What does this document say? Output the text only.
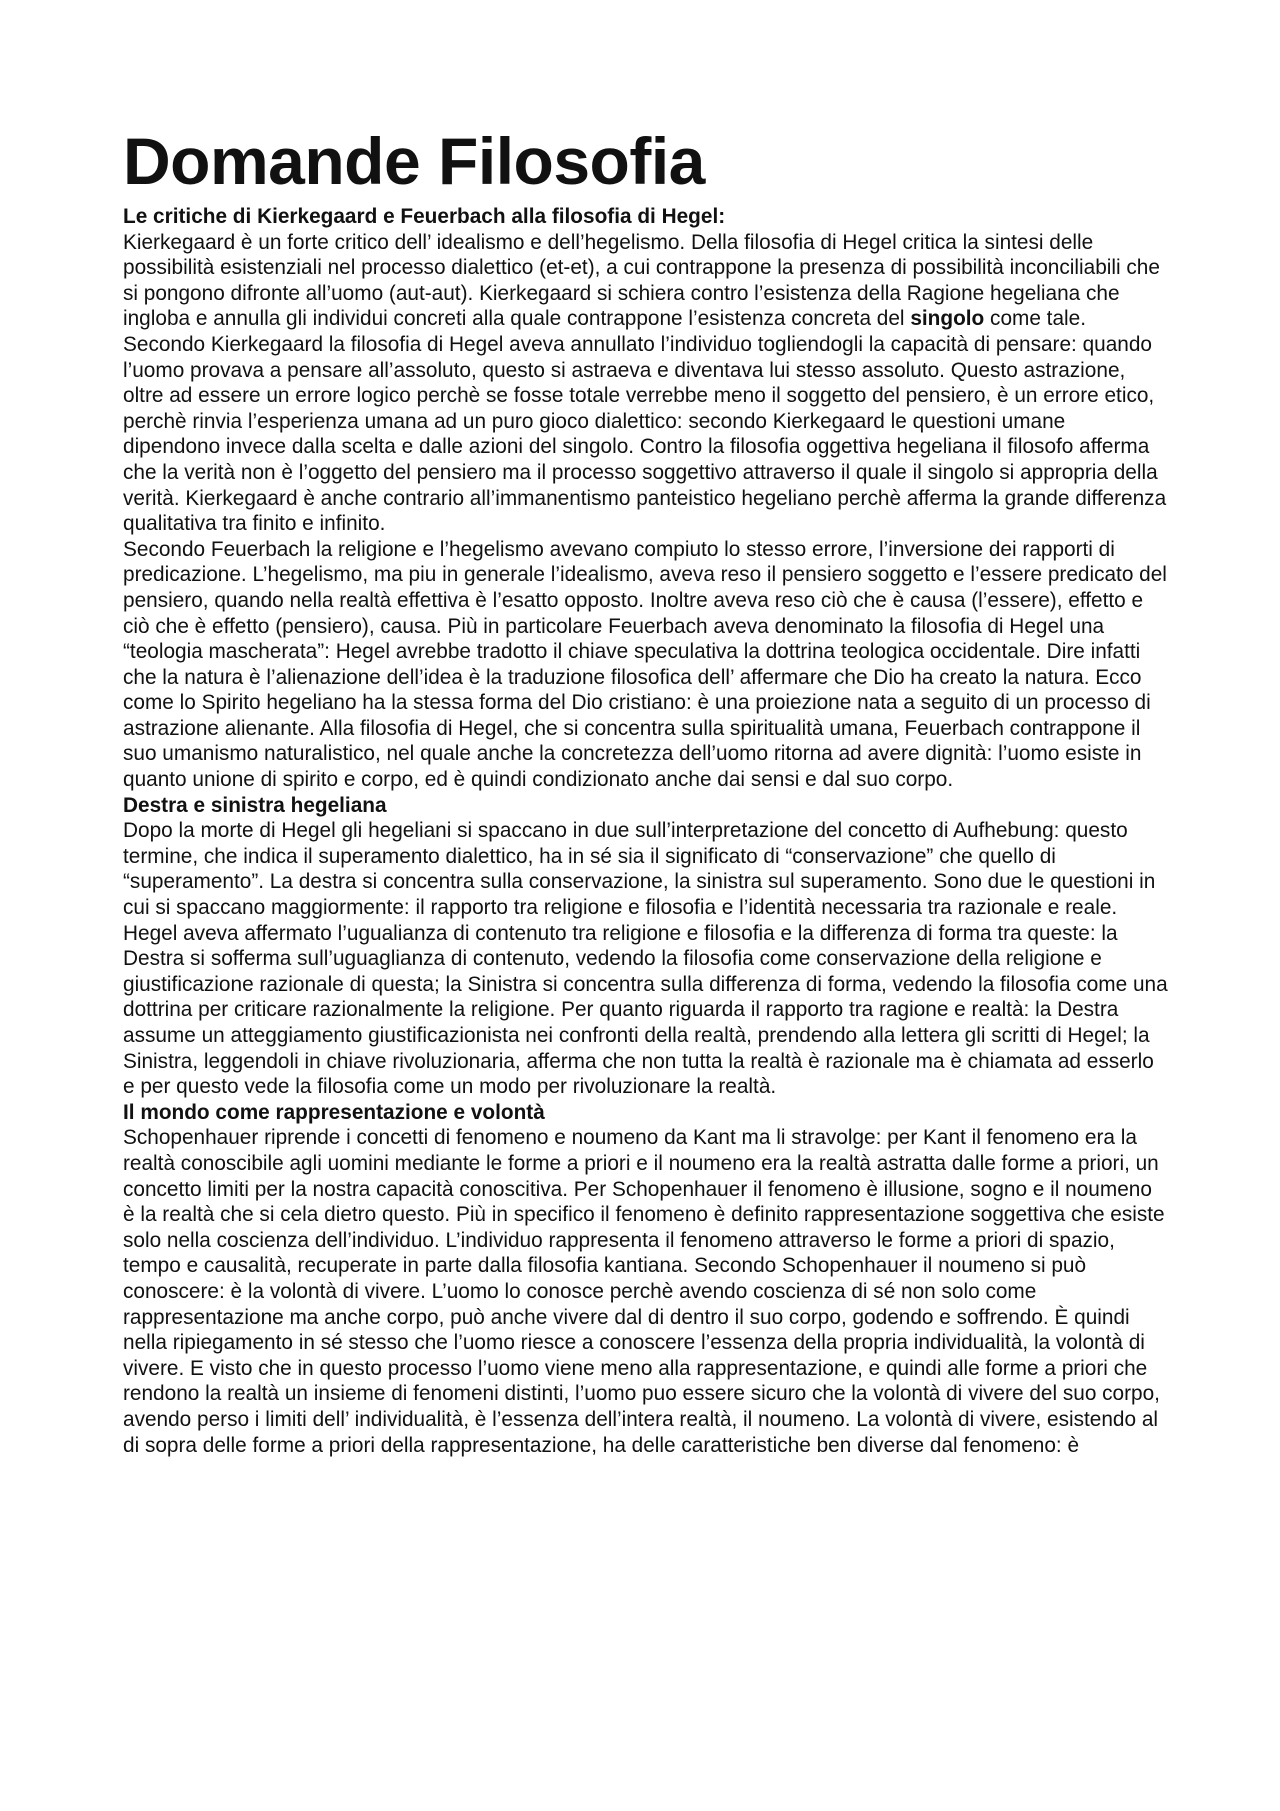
Domande Filosofia
Le critiche di Kierkegaard e Feuerbach alla filosofia di Hegel:

Kierkegaard è un forte critico dell’ idealismo e dell’hegelismo. Della filosofia di Hegel critica la sintesi delle possibilità esistenziali nel processo dialettico (et-et), a cui contrappone la presenza di possibilità inconciliabili che si pongono difronte all’uomo (aut-aut). Kierkegaard si schiera contro l’esistenza della Ragione hegeliana che ingloba e annulla gli individui concreti alla quale contrappone l’esistenza concreta del singolo come tale. Secondo Kierkegaard la filosofia di Hegel aveva annullato l’individuo togliendogli la capacità di pensare: quando l’uomo provava a pensare all’assoluto, questo si astraeva e diventava lui stesso assoluto. Questo astrazione, oltre ad essere un errore logico perchè se fosse totale verrebbe meno il soggetto del pensiero, è un errore etico, perchè rinvia l’esperienza umana ad un puro gioco dialettico: secondo Kierkegaard le questioni umane dipendono invece dalla scelta e dalle azioni del singolo. Contro la filosofia oggettiva hegeliana il filosofo afferma che la verità non è l’oggetto del pensiero ma il processo soggettivo attraverso il quale il singolo si appropria della verità. Kierkegaard è anche contrario all’immanentismo panteistico hegeliano perchè afferma la grande differenza qualitativa tra finito e infinito.

Secondo Feuerbach la religione e l’hegelismo avevano compiuto lo stesso errore, l’inversione dei rapporti di predicazione. L’hegelismo, ma piu in generale l’idealismo, aveva reso il pensiero soggetto e l’essere predicato del pensiero, quando nella realtà effettiva è l’esatto opposto. Inoltre aveva reso ciò che è causa (l’essere), effetto e ciò che è effetto (pensiero), causa. Più in particolare Feuerbach aveva denominato la filosofia di Hegel una “teologia mascherata”: Hegel avrebbe tradotto il chiave speculativa la dottrina teologica occidentale. Dire infatti che la natura è l’alienazione dell’idea è la traduzione filosofica dell’ affermare che Dio ha creato la natura. Ecco come lo Spirito hegeliano ha la stessa forma del Dio cristiano: è una proiezione nata a seguito di un processo di astrazione alienante. Alla filosofia di Hegel, che si concentra sulla spiritualità umana, Feuerbach contrappone il suo umanismo naturalistico, nel quale anche la concretezza dell’uomo ritorna ad avere dignità: l’uomo esiste in quanto unione di spirito e corpo, ed è quindi condizionato anche dai sensi e dal suo corpo.

Destra e sinistra hegeliana

Dopo la morte di Hegel gli hegeliani si spaccano in due sull’interpretazione del concetto di Aufhebung: questo termine, che indica il superamento dialettico, ha in sé sia il significato di “conservazione” che quello di “superamento”. La destra si concentra sulla conservazione, la sinistra sul superamento. Sono due le questioni in cui si spaccano maggiormente: il rapporto tra religione e filosofia e l’identità necessaria tra razionale e reale.

Hegel aveva affermato l’ugualianza di contenuto tra religione e filosofia e la differenza di forma tra queste: la Destra si sofferma sull’uguaglianza di contenuto, vedendo la filosofia come conservazione della religione e giustificazione razionale di questa; la Sinistra si concentra sulla differenza di forma, vedendo la filosofia come una dottrina per criticare razionalmente la religione. Per quanto riguarda il rapporto tra ragione e realtà: la Destra assume un atteggiamento giustificazionista nei confronti della realtà, prendendo alla lettera gli scritti di Hegel; la Sinistra, leggendoli in chiave rivoluzionaria, afferma che non tutta la realtà è razionale ma è chiamata ad esserlo e per questo vede la filosofia come un modo per rivoluzionare la realtà.

Il mondo come rappresentazione e volontà

Schopenhauer riprende i concetti di fenomeno e noumeno da Kant ma li stravolge: per Kant il fenomeno era la realtà conoscibile agli uomini mediante le forme a priori e il noumeno era la realtà astratta dalle forme a priori, un concetto limiti per la nostra capacità conoscitiva. Per Schopenhauer il fenomeno è illusione, sogno e il noumeno è la realtà che si cela dietro questo. Più in specifico il fenomeno è definito rappresentazione soggettiva che esiste solo nella coscienza dell’individuo. L’individuo rappresenta il fenomeno attraverso le forme a priori di spazio, tempo e causalità, recuperate in parte dalla filosofia kantiana. Secondo Schopenhauer il noumeno si può conoscere: è la volontà di vivere. L’uomo lo conosce perchè avendo coscienza di sé non solo come rappresentazione ma anche corpo, può anche vivere dal di dentro il suo corpo, godendo e soffrendo. È quindi nella ripiegamento in sé stesso che l’uomo riesce a conoscere l’essenza della propria individualità, la volontà di vivere. E visto che in questo processo l’uomo viene meno alla rappresentazione, e quindi alle forme a priori che rendono la realtà un insieme di fenomeni distinti, l’uomo puo essere sicuro che la volontà di vivere del suo corpo, avendo perso i limiti dell’ individualità, è l’essenza dell’intera realtà, il noumeno. La volontà di vivere, esistendo al di sopra delle forme a priori della rappresentazione, ha delle caratteristiche ben diverse dal fenomeno: è
